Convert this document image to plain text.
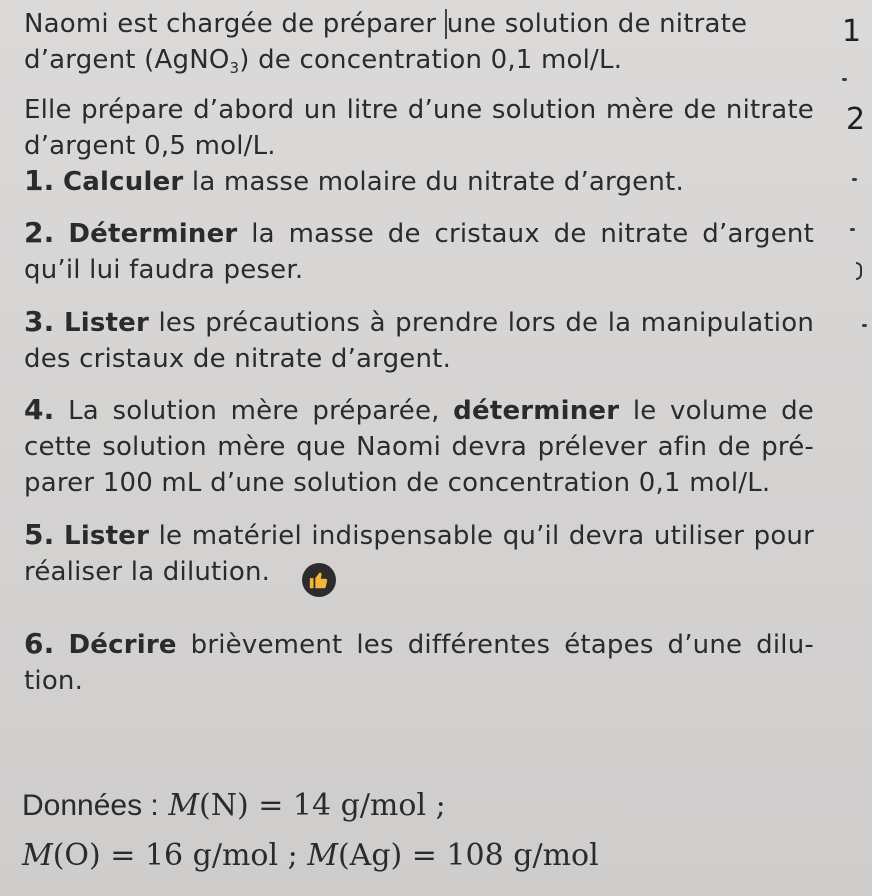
Naomi est chargée de préparer une solution de nitrate
d’argent (AgNO$_3$) de concentration 0,1 mol/L.

Elle prépare d’abord un litre d’une solution mère de nitrate d’argent 0,5 mol/L.

1. Calculer la masse molaire du nitrate d’argent.
2. Déterminer la masse de cristaux de nitrate d’argent qu’il lui faudra peser.
3. Lister les précautions à prendre lors de la manipulation des cristaux de nitrate d’argent.
4. La solution mère préparée, déterminer le volume de cette solution mère que Naomi devra prélever afin de pré-parer 100 mL d’une solution de concentration 0,1 mol/L.
5. Lister le matériel indispensable qu’il devra utiliser pour réaliser la dilution.
6. Décrire brièvement les différentes étapes d’une dilu-tion.
Données : M(N) = 14 g/mol ;
M(O) = 16 g/mol ; M(Ag) = 108 g/mol
1
2
